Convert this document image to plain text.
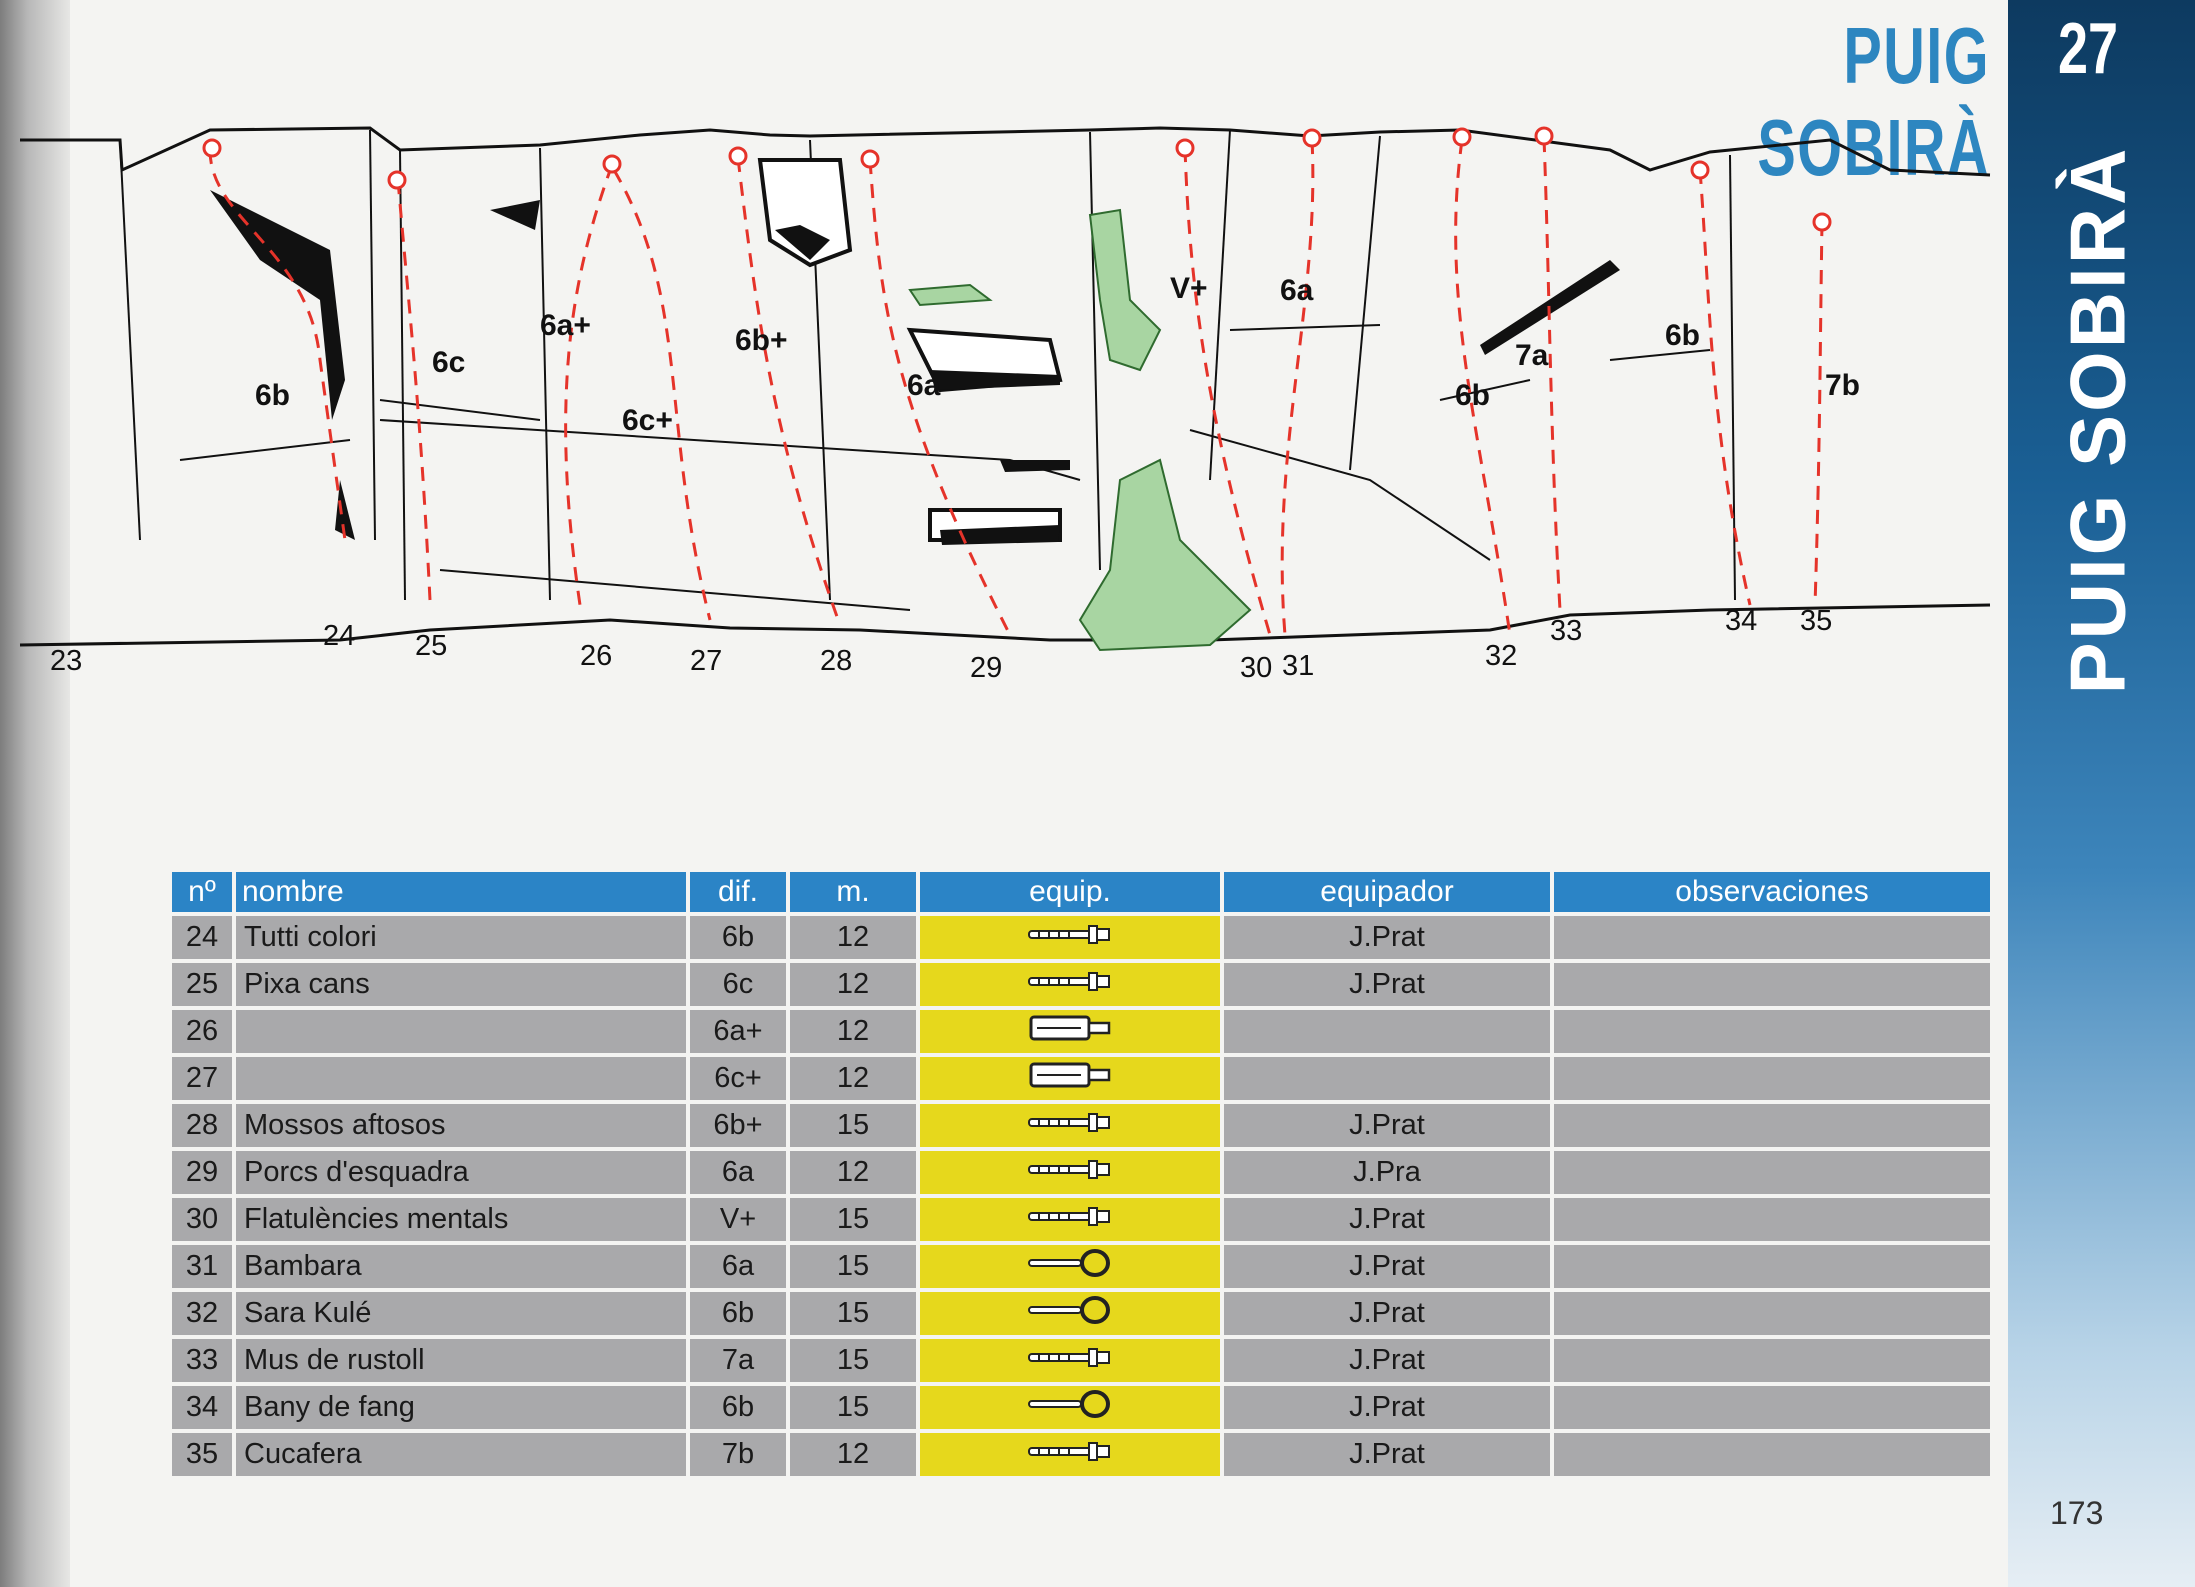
PUIG SOBIRÀ
27
PUIG SOBIRÀ
6b
6c
6a+
6c+
6b+
6a
V+ 6a
6b
7a
6b
7b
23
24 25	26	27	28	29	30 31	32
33	34 35
nº	nombre	dif.	m.	equip.	equipador	observaciones
24	Tutti colori	6b	12		J.Prat	
25	Pixa cans	6c	12		J.Prat	
26		6a+	12			
27		6c+	12			
28	Mossos aftosos	6b+	15		J.Prat	
29	Porcs d'esquadra	6a	12		J.Pra	
30	Flatulències mentals	V+	15		J.Prat	
31	Bambara	6a	15		J.Prat	
32	Sara Kulé	6b	15		J.Prat	
33	Mus de rustoll	7a	15		J.Prat	
34	Bany de fang	6b	15		J.Prat	
35	Cucafera	7b	12		J.Prat	
173
